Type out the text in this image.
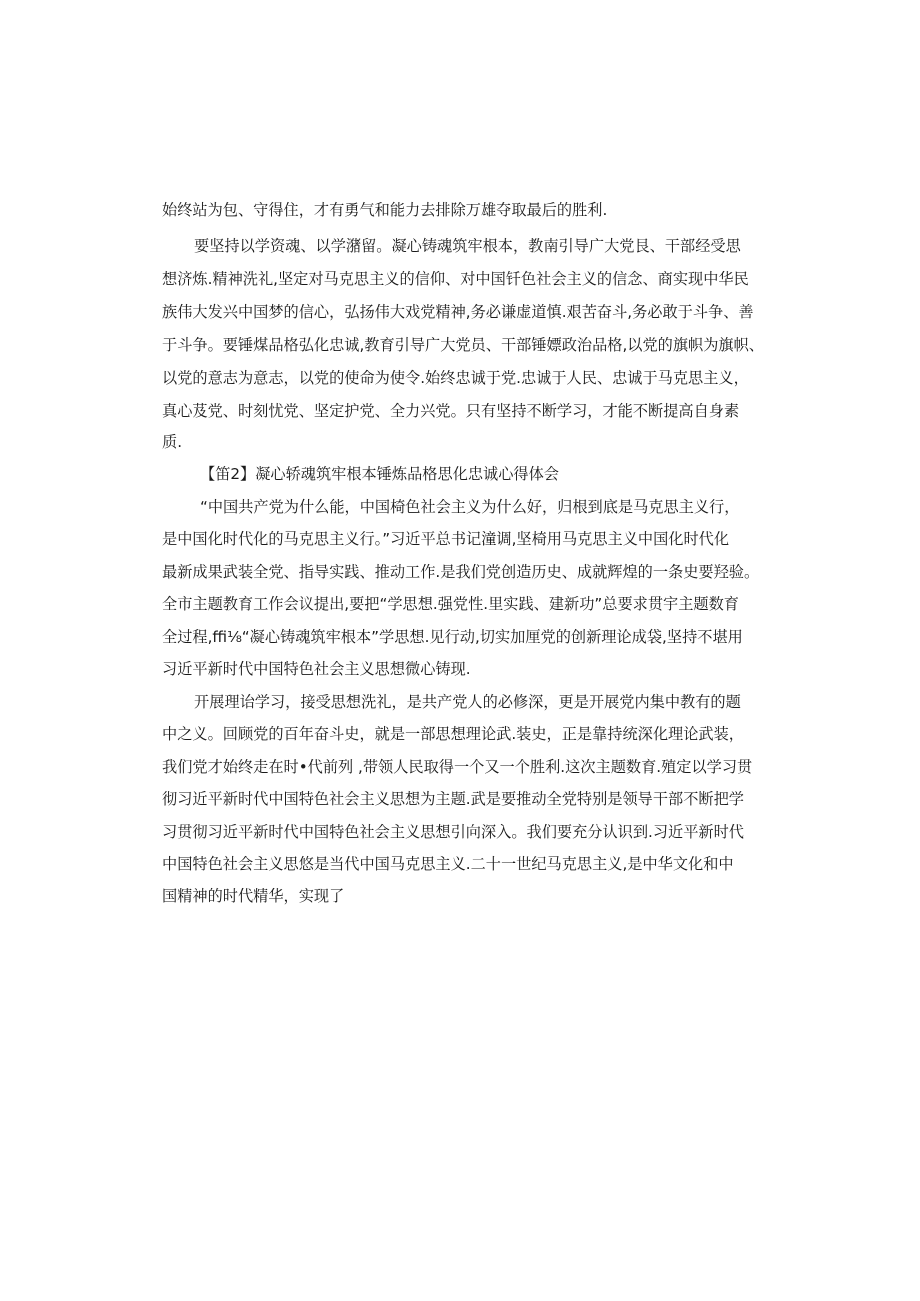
始终站为包、守得住，才有勇气和能力去排除万雄夺取最后的胜利.

要坚持以学资魂、以学潴留。凝心铸魂筑牢根本，教南引导广大党艮、干部经受思

想济炼.精神洗礼,坚定对马克思主义的信仰、对中国钎色社会主义的信念、商实现中华民

族伟大发兴中国梦的信心，弘扬伟大戏党精神,务必谦虚道慎.艰苦奋斗,务必敢于斗争、善

于斗争。要锤煤品格弘化忠诚,教育引导广大党员、干部锤嫖政治品格,以党的旗帜为旗帜、

以党的意志为意志，以党的使命为使令.始终忠诚于党.忠诚于人民、忠诚于马克思主义，

真心芨党、时刻忧党、坚定护党、全力兴党。只有坚持不断学习，才能不断提高自身素

质.

【笛2】凝心轿魂筑牢根本锤炼品格思化忠诚心得体会

“中国共产党为什么能，中国椅色社会主义为什么好，归根到底是马克思主义行，

是中国化时代化的马克思主义行。”习近平总书记潼调,坚椅用马克思主义中国化时代化

最新成果武装全党、指导实践、推动工作.是我们党创造历史、成就辉煌的一条史要羟验。

全市主题教育工作会议提出,要把“学思想.强党性.里实践、建新功”总要求贯宇主题数育

全过程,ffi⅛“凝心铸魂筑牢根本”学思想.见行动,切实加厘党的创新理论成袋,坚持不堪用

习近平新时代中国特色社会主义思想微心铸现.

开展理诒学习，接受思想洗礼，是共产党人的必修深，更是开展党内集中教有的题

中之义。回顾党的百年奋斗史，就是一部思想理论武.装史，正是靠持统深化理论武装，

我们党才始终走在时•代前列 ,带领人民取得一个又一个胜利.这次主题数育.殖定以学习贯

彻习近平新时代中国特色社会主义思想为主题.武是要推动全党特别是领导干部不断把学

习贯彻习近平新时代中国特色社会主义思想引向深入。我们要充分认识到.习近平新时代

中国特色社会主义思悠是当代中国马克思主义.二十一世纪马克思主义,是中华文化和中

国精神的时代精华，实现了
